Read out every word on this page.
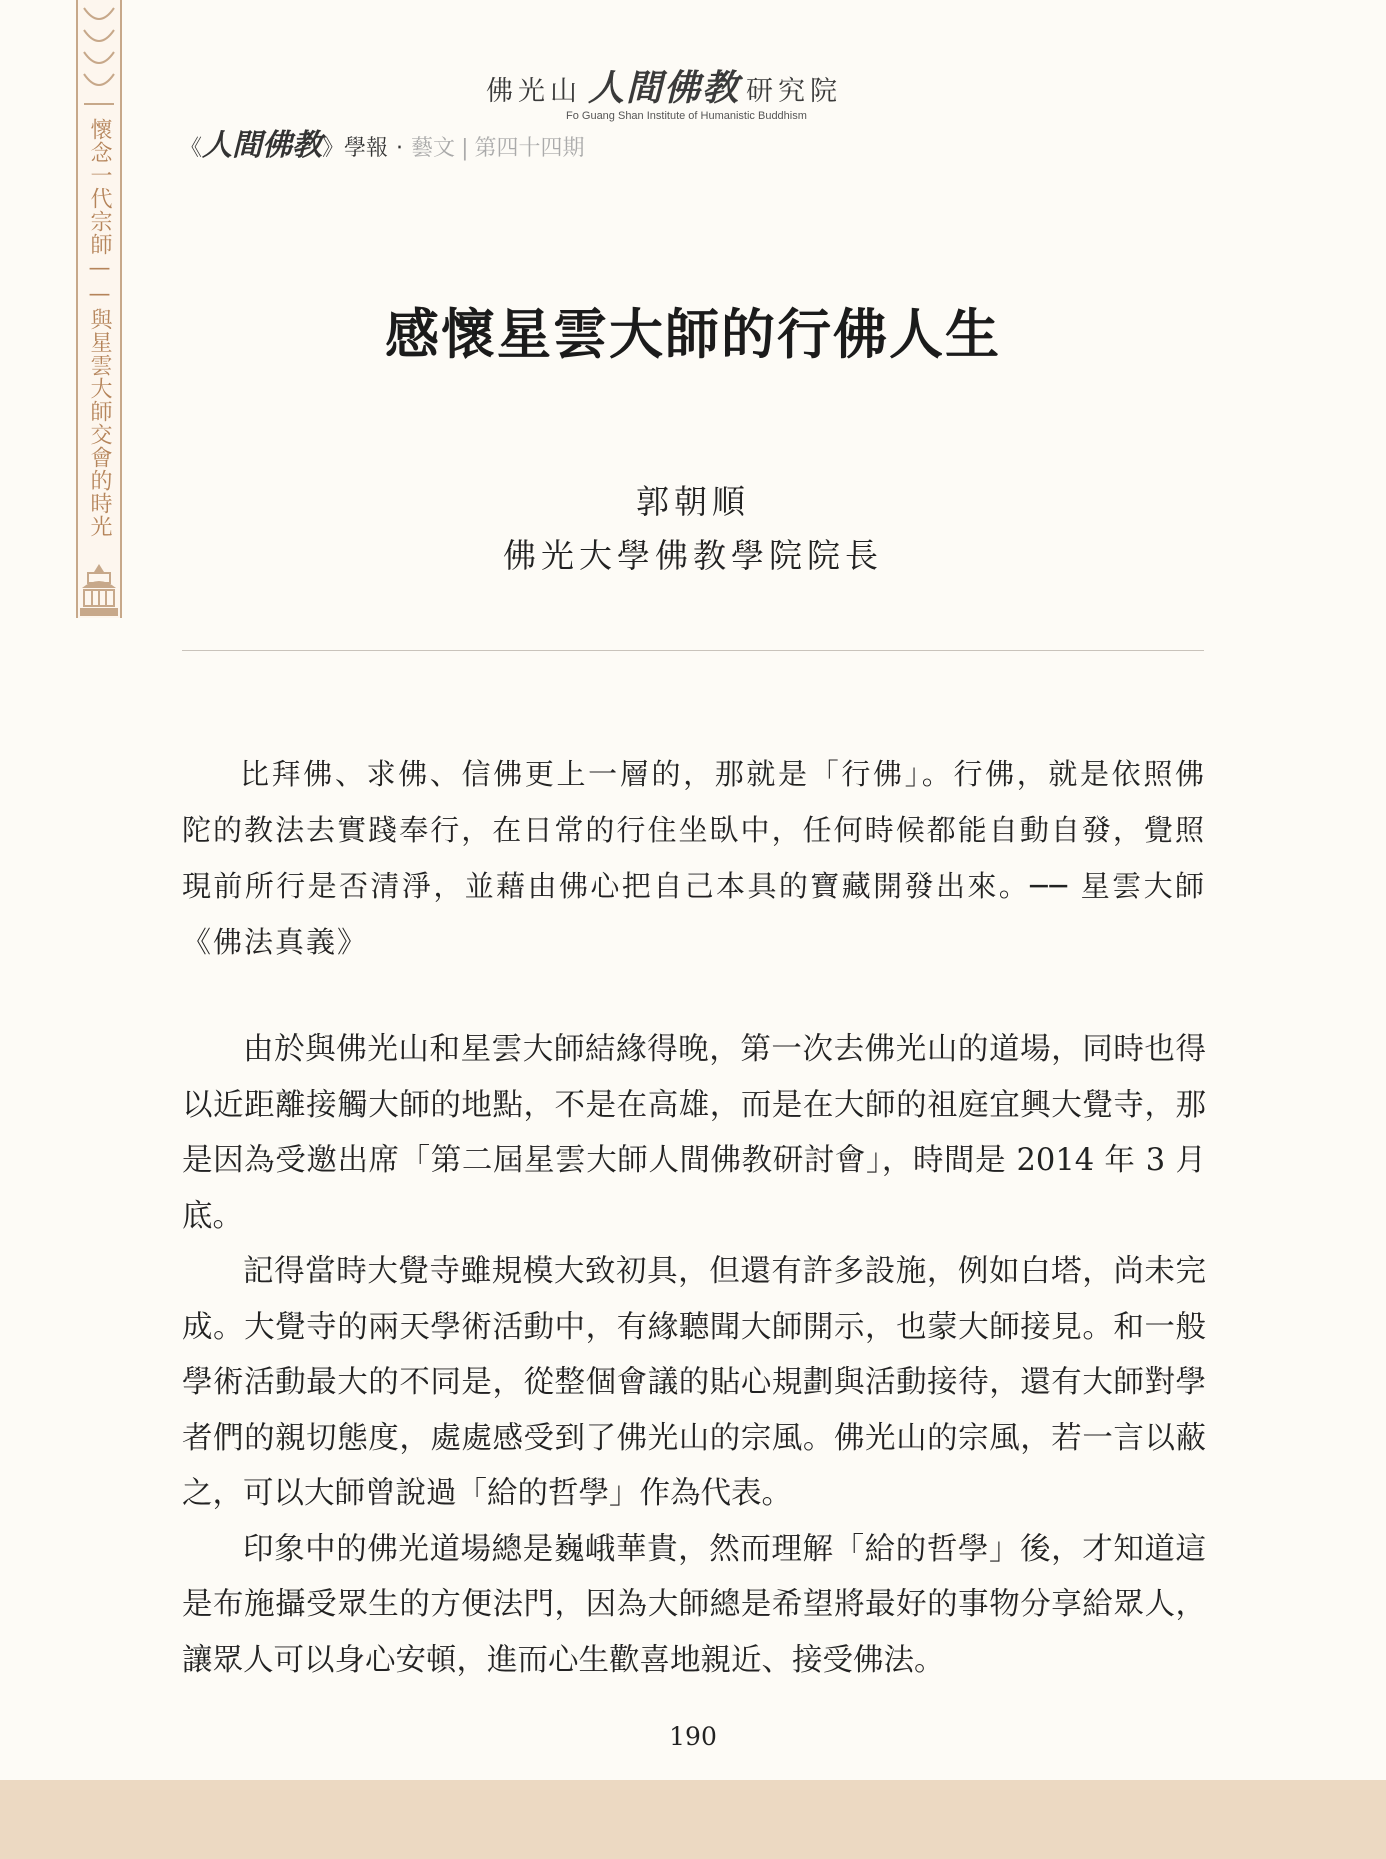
懷念一代宗師——與星雲大師交會的時光
佛光山 人間佛教 研究院
Fo Guang Shan Institute of Humanistic Buddhism
《人間佛教》學報 ‧ 藝文 | 第四十四期
感懷星雲大師的行佛人生
郭朝順
佛光大學佛教學院院長

比拜佛、求佛、信佛更上一層的，那就是「行佛」。行佛，就是依照佛陀的教法去實踐奉行，在日常的行住坐臥中，任何時候都能自動自發，覺照現前所行是否清淨，並藉由佛心把自己本具的寶藏開發出來。── 星雲大師《佛法真義》

由於與佛光山和星雲大師結緣得晚，第一次去佛光山的道場，同時也得以近距離接觸大師的地點，不是在高雄，而是在大師的祖庭宜興大覺寺，那是因為受邀出席「第二屆星雲大師人間佛教研討會」，時間是 2014 年 3 月底。

記得當時大覺寺雖規模大致初具，但還有許多設施，例如白塔，尚未完成。大覺寺的兩天學術活動中，有緣聽聞大師開示，也蒙大師接見。和一般學術活動最大的不同是，從整個會議的貼心規劃與活動接待，還有大師對學者們的親切態度，處處感受到了佛光山的宗風。佛光山的宗風，若一言以蔽之，可以大師曾說過「給的哲學」作為代表。

印象中的佛光道場總是巍峨華貴，然而理解「給的哲學」後，才知道這是布施攝受眾生的方便法門，因為大師總是希望將最好的事物分享給眾人，讓眾人可以身心安頓，進而心生歡喜地親近、接受佛法。

190
